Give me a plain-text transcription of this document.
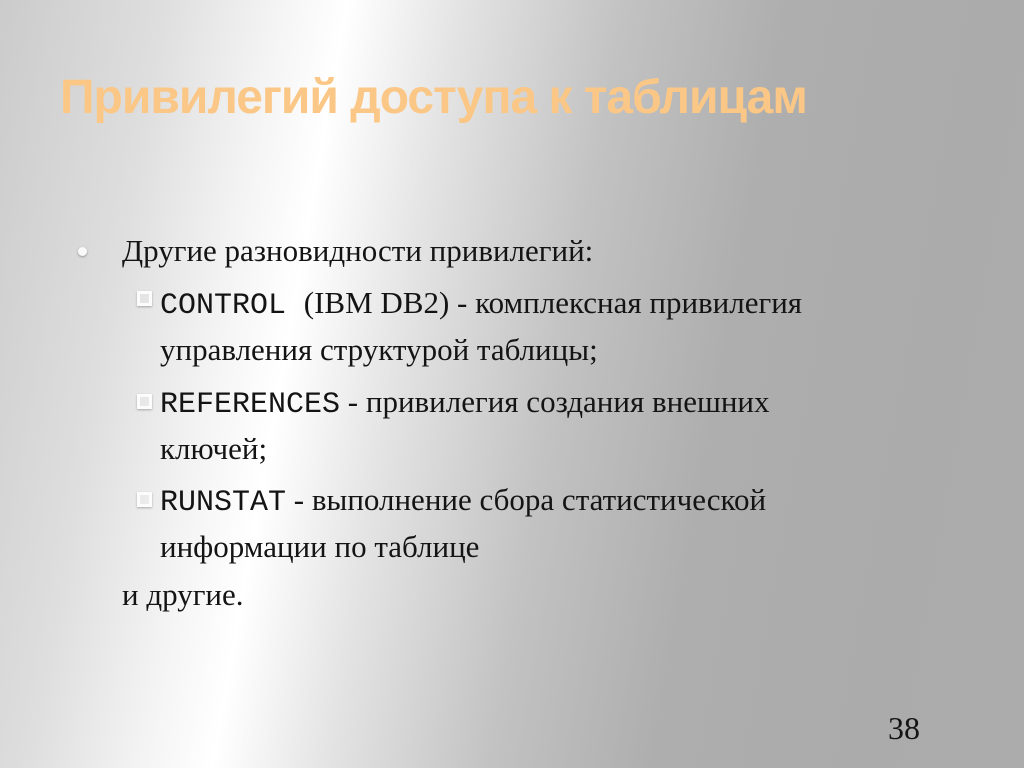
Привилегий доступа к таблицам
Другие разновидности привилегий:
CONTROL (IBM DB2) - комплексная привилегия
управления структурой таблицы;
REFERENCES - привилегия создания внешних
ключей;
RUNSTAT - выполнение сбора статистической
информации по таблице
и другие.
38
